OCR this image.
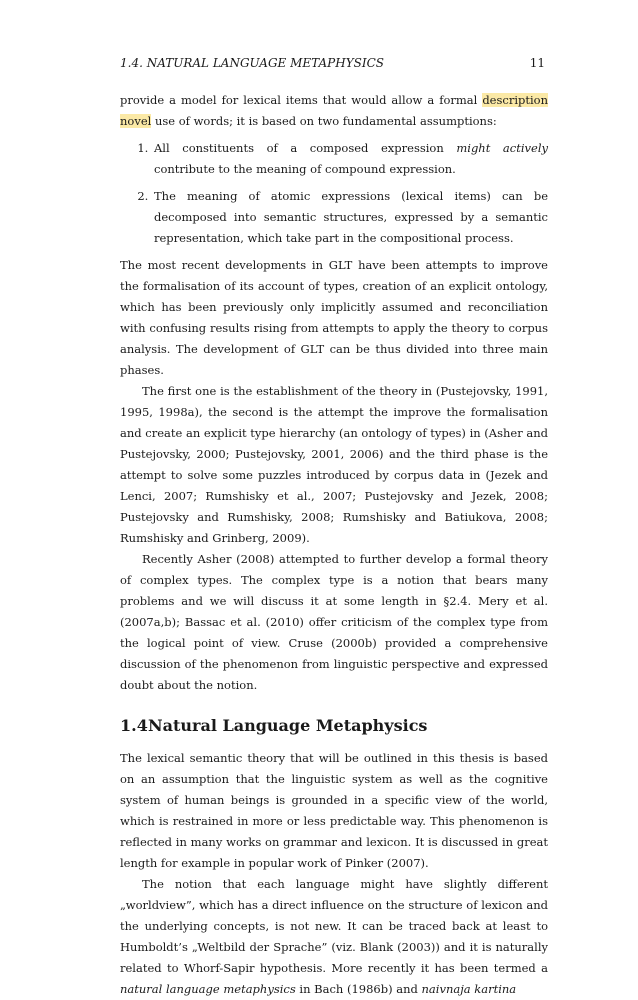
1.4. NATURAL LANGUAGE METAPHYSICS	11

provide a model for lexical items that would allow a formal description novel use of words; it is based on two fundamental assumptions:

1. All constituents of a composed expression might actively contribute to the meaning of compound expression.
2. The meaning of atomic expressions (lexical items) can be decomposed into semantic structures, expressed by a semantic representation, which take part in the compositional process.

The most recent developments in GLT have been attempts to improve the formalisation of its account of types, creation of an explicit ontology, which has been previously only implicitly assumed and reconciliation with confusing results rising from attempts to apply the theory to corpus analysis. The development of GLT can be thus divided into three main phases.

The first one is the establishment of the theory in (Pustejovsky, 1991, 1995, 1998a), the second is the attempt the improve the formalisation and create an explicit type hierarchy (an ontology of types) in (Asher and Pustejovsky, 2000; Pustejovsky, 2001, 2006) and the third phase is the attempt to solve some puzzles introduced by corpus data in (Jezek and Lenci, 2007; Rumshisky et al., 2007; Pustejovsky and Jezek, 2008; Pustejovsky and Rumshisky, 2008; Rumshisky and Batiukova, 2008; Rumshisky and Grinberg, 2009).

Recently Asher (2008) attempted to further develop a formal theory of complex types. The complex type is a notion that bears many problems and we will discuss it at some length in §2.4. Mery et al. (2007a,b); Bassac et al. (2010) offer criticism of the complex type from the logical point of view. Cruse (2000b) provided a comprehensive discussion of the phenomenon from linguistic perspective and expressed doubt about the notion.

1.4Natural Language Metaphysics

The lexical semantic theory that will be outlined in this thesis is based on an assumption that the linguistic system as well as the cognitive system of human beings is grounded in a specific view of the world, which is restrained in more or less predictable way. This phenomenon is reflected in many works on grammar and lexicon. It is discussed in great length for example in popular work of Pinker (2007).

The notion that each language might have slightly different „worldview”, which has a direct influence on the structure of lexicon and the underlying concepts, is not new. It can be traced back at least to Humboldt’s „Weltbild der Sprache” (viz. Blank (2003)) and it is naturally related to Whorf-Sapir hypothesis. More recently it has been termed a natural language metaphysics in Bach (1986b) and naivnaja kartina
